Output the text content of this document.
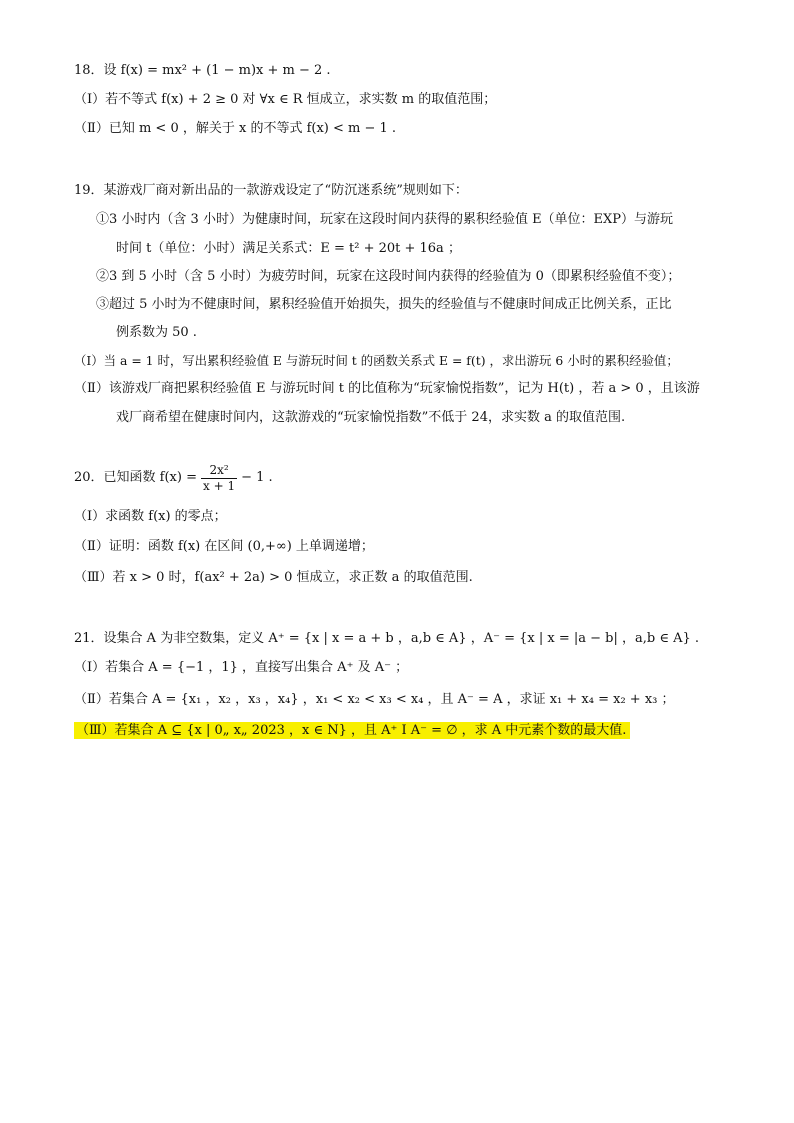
18．设 f(x) = mx² + (1 − m)x + m − 2 .
（Ⅰ）若不等式 f(x) + 2 ≥ 0 对 ∀x ∈ R 恒成立，求实数 m 的取值范围；
（Ⅱ）已知 m < 0 ，解关于 x 的不等式 f(x) < m − 1 .
19．某游戏厂商对新出品的一款游戏设定了“防沉迷系统”规则如下：
①3 小时内（含 3 小时）为健康时间，玩家在这段时间内获得的累积经验值 E（单位：EXP）与游玩
时间 t（单位：小时）满足关系式：E = t² + 20t + 16a ；
②3 到 5 小时（含 5 小时）为疲劳时间，玩家在这段时间内获得的经验值为 0（即累积经验值不变）；
③超过 5 小时为不健康时间，累积经验值开始损失，损失的经验值与不健康时间成正比例关系，正比
例系数为 50 .
（Ⅰ）当 a = 1 时，写出累积经验值 E 与游玩时间 t 的函数关系式 E = f(t) ，求出游玩 6 小时的累积经验值；
（Ⅱ）该游戏厂商把累积经验值 E 与游玩时间 t 的比值称为“玩家愉悦指数”，记为 H(t) ，若 a > 0 ，且该游
戏厂商希望在健康时间内，这款游戏的“玩家愉悦指数”不低于 24，求实数 a 的取值范围.
20．已知函数 $f(x) = \frac{\text{2x²}}{x + 1} - 1$ .
（Ⅰ）求函数 f(x) 的零点；
（Ⅱ）证明：函数 f(x) 在区间 (0,+∞) 上单调递增；
（Ⅲ）若 x > 0 时，f(ax² + 2a) > 0 恒成立，求正数 a 的取值范围.
21．设集合 A 为非空数集，定义 A⁺ = {x | x = a + b ，a,b ∈ A} ，A⁻ = {x | x = |a − b| ，a,b ∈ A} .
（Ⅰ）若集合 A = {−1 ，1} ，直接写出集合 A⁺ 及 A⁻ ；
（Ⅱ）若集合 A = {x₁ ，x₂ ，x₃ ，x₄} ，x₁ < x₂ < x₃ < x₄ ，且 A⁻ = A ，求证 x₁ + x₄ = x₂ + x₃ ；
（Ⅲ）若集合 A ⊆ {x | 0„ x„ 2023 ，x ∈ N} ，且 A⁺ I A⁻ = ∅ ，求 A 中元素个数的最大值.
